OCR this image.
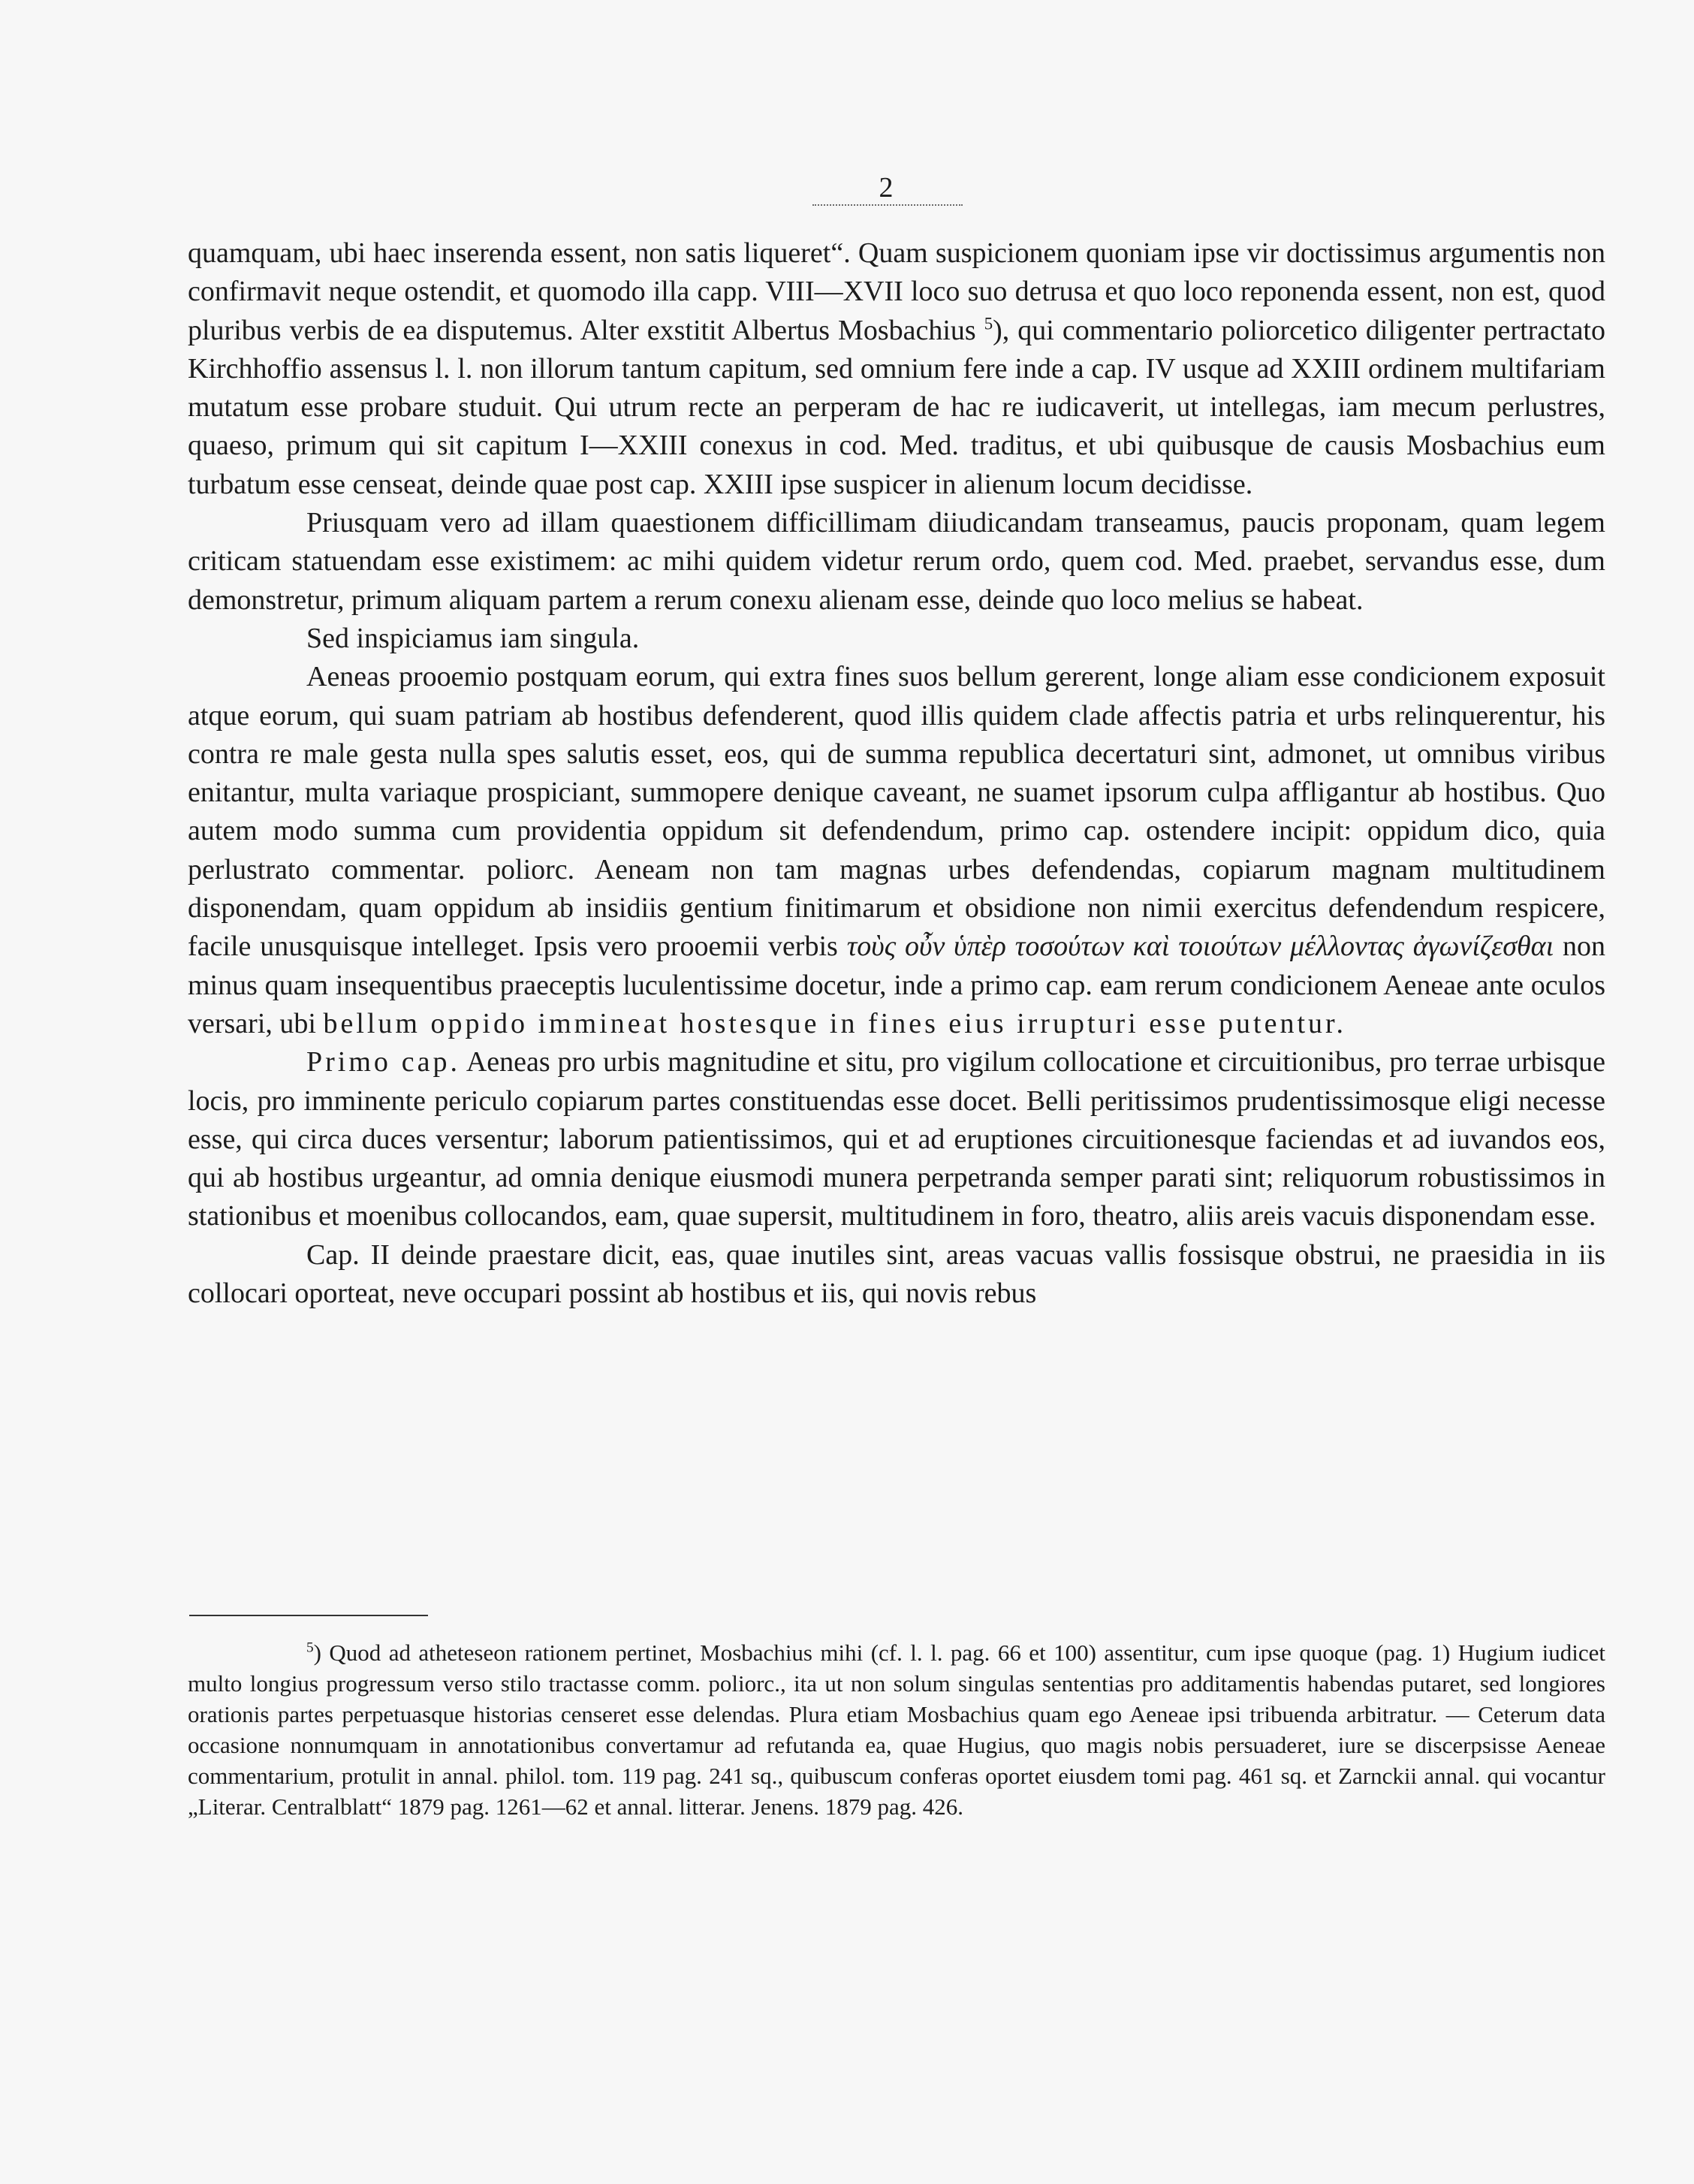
2

quamquam, ubi haec inserenda essent, non satis liqueret“. Quam suspicionem quoniam ipse vir doctissimus argumentis non confirmavit neque ostendit, et quomodo illa capp. VIII—XVII loco suo detrusa et quo loco reponenda essent, non est, quod pluribus verbis de ea disputemus. Alter exstitit Albertus Mosbachius $^5$), qui commentario poliorcetico diligenter pertractato Kirchhoffio assensus l. l. non illorum tantum capitum, sed omnium fere inde a cap. IV usque ad XXIII ordinem multifariam mutatum esse probare studuit. Qui utrum recte an perperam de hac re iudicaverit, ut intellegas, iam mecum perlustres, quaeso, primum qui sit capitum I—XXIII conexus in cod. Med. traditus, et ubi quibusque de causis Mosbachius eum turbatum esse censeat, deinde quae post cap. XXIII ipse suspicer in alienum locum decidisse.

Priusquam vero ad illam quaestionem difficillimam diiudicandam transeamus, paucis proponam, quam legem criticam statuendam esse existimem: ac mihi quidem videtur rerum ordo, quem cod. Med. praebet, servandus esse, dum demonstretur, primum aliquam partem a rerum conexu alienam esse, deinde quo loco melius se habeat.

Sed inspiciamus iam singula.

Aeneas prooemio postquam eorum, qui extra fines suos bellum gererent, longe aliam esse condicionem exposuit atque eorum, qui suam patriam ab hostibus defenderent, quod illis quidem clade affectis patria et urbs relinquerentur, his contra re male gesta nulla spes salutis esset, eos, qui de summa republica decertaturi sint, admonet, ut omnibus viribus enitantur, multa variaque prospiciant, summopere denique caveant, ne suamet ipsorum culpa affligantur ab hostibus. Quo autem modo summa cum providentia oppidum sit defendendum, primo cap. ostendere incipit: oppidum dico, quia perlustrato commentar. poliorc. Aeneam non tam magnas urbes defendendas, copiarum magnam multitudinem disponendam, quam oppidum ab insidiis gentium finitimarum et obsidione non nimii exercitus defendendum respicere, facile unusquisque intelleget. Ipsis vero prooemii verbis τοὺς οὖν ὑπὲρ τοσούτων καὶ τοιούτων μέλλοντας ἀγωνίζεσθαι non minus quam insequentibus praeceptis luculentissime docetur, inde a primo cap. eam rerum condicionem Aeneae ante oculos versari, ubi bellum oppido immineat hostesque in fines eius irrupturi esse putentur.

Primo cap. Aeneas pro urbis magnitudine et situ, pro vigilum collocatione et circuitionibus, pro terrae urbisque locis, pro imminente periculo copiarum partes constituendas esse docet. Belli peritissimos prudentissimosque eligi necesse esse, qui circa duces versentur; laborum patientissimos, qui et ad eruptiones circuitionesque faciendas et ad iuvandos eos, qui ab hostibus urgeantur, ad omnia denique eiusmodi munera perpetranda semper parati sint; reliquorum robustissimos in stationibus et moenibus collocandos, eam, quae supersit, multitudinem in foro, theatro, aliis areis vacuis disponendam esse.

Cap. II deinde praestare dicit, eas, quae inutiles sint, areas vacuas vallis fossisque obstrui, ne praesidia in iis collocari oporteat, neve occupari possint ab hostibus et iis, qui novis rebus

$^5$) Quod ad atheteseon rationem pertinet, Mosbachius mihi (cf. l. l. pag. 66 et 100) assentitur, cum ipse quoque (pag. 1) Hugium iudicet multo longius progressum verso stilo tractasse comm. poliorc., ita ut non solum singulas sententias pro additamentis habendas putaret, sed longiores orationis partes perpetuasque historias censeret esse delendas. Plura etiam Mosbachius quam ego Aeneae ipsi tribuenda arbitratur. — Ceterum data occasione nonnumquam in annotationibus convertamur ad refutanda ea, quae Hugius, quo magis nobis persuaderet, iure se discerpsisse Aeneae commentarium, protulit in annal. philol. tom. 119 pag. 241 sq., quibuscum conferas oportet eiusdem tomi pag. 461 sq. et Zarnckii annal. qui vocantur „Literar. Centralblatt“ 1879 pag. 1261—62 et annal. litterar. Jenens. 1879 pag. 426.
